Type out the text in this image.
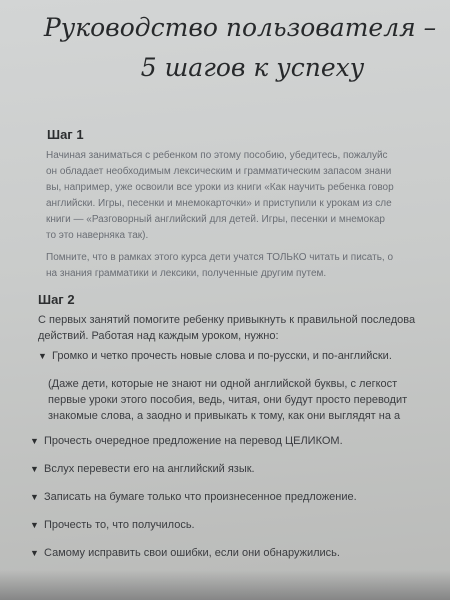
Руководство пользователя –
5 шагов к успеху
Шаг 1
Начиная заниматься с ребенком по этому пособию, убедитесь, пожалуйс
он обладает необходимым лексическим и грамматическим запасом знани
вы, например, уже освоили все уроки из книги «Как научить ребенка говор
английски. Игры, песенки и мнемокарточки» и приступили к урокам из сле
книги — «Разговорный английский для детей. Игры, песенки и мнемокар
то это наверняка так).
Помните, что в рамках этого курса дети учатся ТОЛЬКО читать и писать, о
на знания грамматики и лексики, полученные другим путем.
Шаг 2
С первых занятий помогите ребенку привыкнуть к правильной последова
действий. Работая над каждым уроком, нужно:
▼ Громко и четко прочесть новые слова и по-русски, и по-английски.
(Даже дети, которые не знают ни одной английской буквы, с легкост
первые уроки этого пособия, ведь, читая, они будут просто переводит
знакомые слова, а заодно и привыкать к тому, как они выглядят на а
▼ Прочесть очередное предложение на перевод ЦЕЛИКОМ.
▼ Вслух перевести его на английский язык.
▼ Записать на бумаге только что произнесенное предложение.
▼ Прочесть то, что получилось.
▼ Самому исправить свои ошибки, если они обнаружились.
